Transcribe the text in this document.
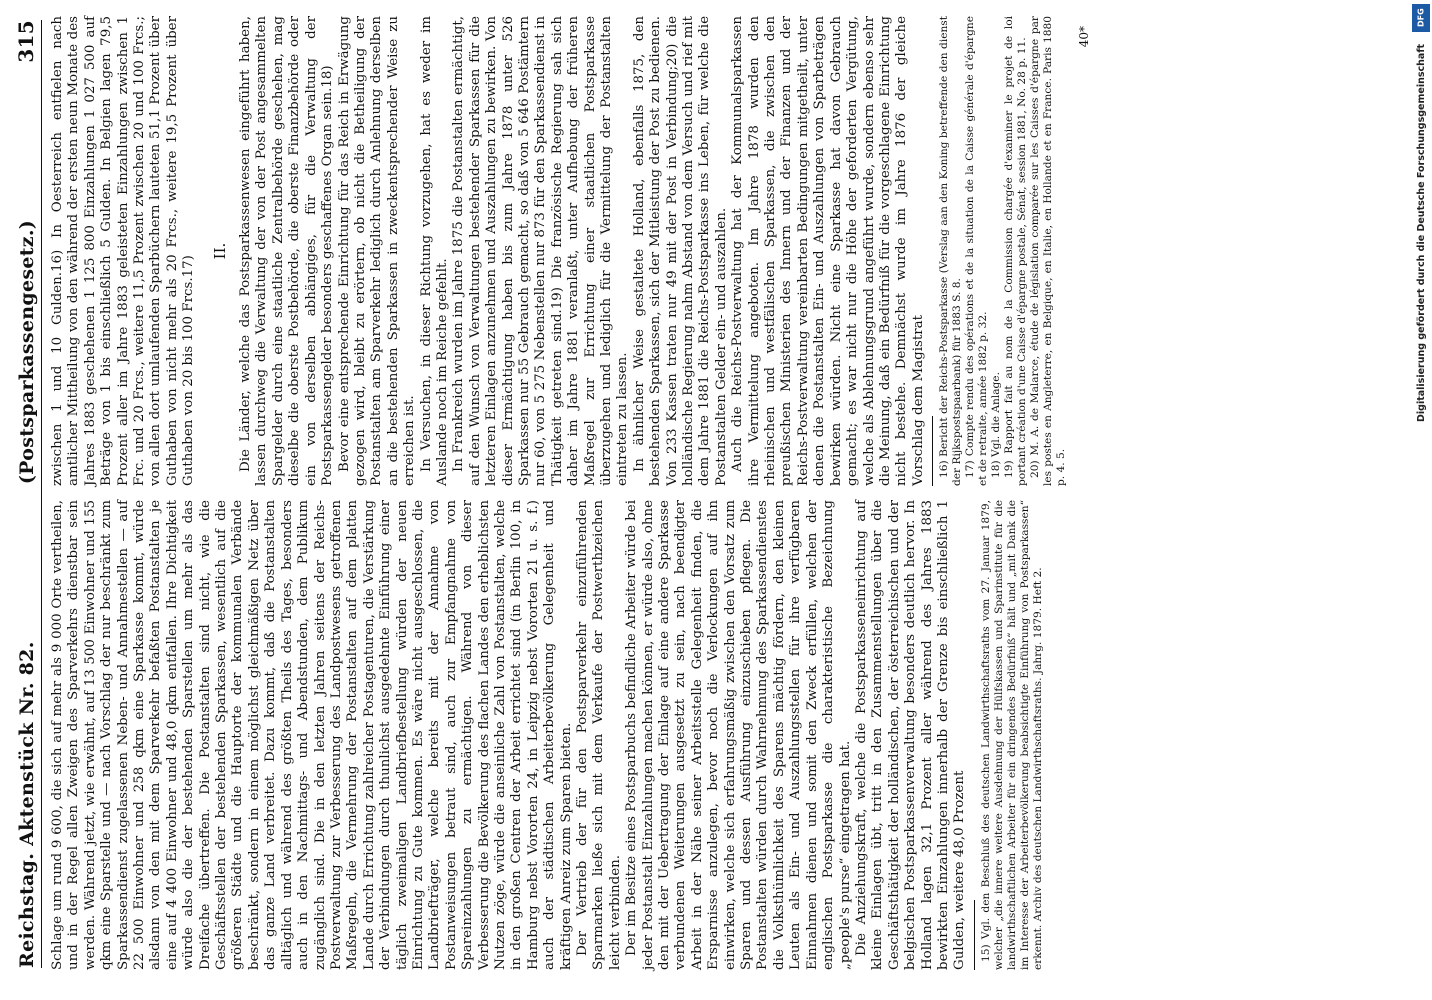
Reichstag. Aktenstück Nr. 82.
(Postsparkassengesetz.)
315

Schlage um rund 9 600, die sich auf mehr als 9 000 Orte vertheilen, und in der Regel allen Zweigen des Sparverkehrs dienstbar sein werden. Während jetzt, wie erwähnt, auf 13 500 Einwohner und 155 qkm eine Sparstelle und — nach Vorschlag der nur beschränkt zum Sparkassendienst zugelassenen Neben- und Annahmestellen — auf 22 500 Einwohner und 258 qkm eine Sparkasse kommt, würde alsdann von den mit dem Sparverkehr befaßten Postanstalten je eine auf 4 400 Einwohner und 48,0 qkm entfallen. Ihre Dichtigkeit würde also die der bestehenden Sparstellen um mehr als das Dreifache übertreffen. Die Postanstalten sind nicht, wie die Geschäftsstellen der bestehenden Sparkassen, wesentlich auf die größeren Städte und die Hauptorte der kommunalen Verbände beschränkt, sondern in einem möglichst gleichmäßigen Netz über das ganze Land verbreitet. Dazu kommt, daß die Postanstalten alltäglich und während des größten Theils des Tages, besonders auch in den Nachmittags- und Abendstunden, dem Publikum zugänglich sind. Die in den letzten Jahren seitens der Reichs-Postverwaltung zur Verbesserung des Landpostwesens getroffenen Maßregeln, die Vermehrung der Postanstalten auf dem platten Lande durch Errichtung zahlreicher Postagenturen, die Verstärkung der Verbindungen durch thunlichst ausgedehnte Einführung einer täglich zweimaligen Landbriefbestellung würden der neuen Einrichtung zu Gute kommen. Es wäre nicht ausgeschlossen, die Landbriefträger, welche bereits mit der Annahme von Postanweisungen betraut sind, auch zur Empfangnahme von Spareinzahlungen zu ermächtigen. Während von dieser Verbesserung die Bevölkerung des flachen Landes den erheblichsten Nutzen zöge, würde die anseinliche Zahl von Postanstalten, welche in den großen Centren der Arbeit errichtet sind (in Berlin 100, in Hamburg nebst Vororten 24, in Leipzig nebst Vororten 21 u. s. f.) auch der städtischen Arbeiterbevölkerung Gelegenheit und kräftigen Anreiz zum Sparen bieten. Der Vertrieb der für den Postsparverkehr einzuführenden Sparmarken ließe sich mit dem Verkaufe der Postwerthzeichen leicht verbinden. Der im Besitze eines Postsparbuchs befindliche Arbeiter würde bei jeder Postanstalt Einzahlungen machen können, er würde also, ohne den mit der Uebertragung der Einlage auf eine andere Sparkasse verbundenen Weiterungen ausgesetzt zu sein, nach beendigter Arbeit in der Nähe seiner Arbeitsstelle Gelegenheit finden, die Ersparnisse anzulegen, bevor noch die Verlockungen auf ihn einwirken, welche sich erfahrungsmäßig zwischen den Vorsatz zum Sparen und dessen Ausführung einzuschieben pflegen. Die Postanstalten würden durch Wahrnehmung des Sparkassendienstes die Volksthümlichkeit des Sparens mächtig fördern, den kleinen Leuten als Ein- und Auszahlungsstellen für ihre verfügbaren Einnahmen dienen und somit den Zweck erfüllen, welchen der englischen Postsparkasse die charakteristische Bezeichnung „people's purse“ eingetragen hat. Die Anziehungskraft, welche die Postsparkasseneinrichtung auf kleine Einlagen übt, tritt in den Zusammenstellungen über die Geschäftsthätigkeit der holländischen, der österreichischen und der belgischen Postsparkassenverwaltung besonders deutlich hervor. In Holland lagen 32,1 Prozent aller während des Jahres 1883 bewirkten Einzahlungen innerhalb der Grenze bis einschließlich 1 Gulden, weitere 48,0 Prozent 15) Vgl. den Beschluß des deutschen Landwirthschaftsraths vom 27. Januar 1879, welcher „die innere weitere Ausdehnung der Hülfskassen und Sparinstitute für die landwirthschaftlichen Arbeiter für ein dringendes Bedürfniß“ hält und „mit Dank die im Interesse der Arbeiterbevölkerung beabsichtigte Einführung von Postsparkassen“ erkennt. Archiv des deutschen Landwirthschaftsraths. Jahrg. 1879. Heft 2.

zwischen 1 und 10 Gulden.16) In Oesterreich entfielen nach amtlicher Mittheilung von den während der ersten neun Monate des Jahres 1883 geschehenen 1 125 800 Einzahlungen 1 027 500 auf Beträge von 1 bis einschließlich 5 Gulden. In Belgien lagen 79,5 Prozent aller im Jahre 1883 geleisteten Einzahlungen zwischen 1 Frc. und 20 Frcs., weitere 11,5 Prozent zwischen 20 und 100 Frcs.; von allen dort umlaufenden Sparbüchern lauteten 51,1 Prozent über Guthaben von nicht mehr als 20 Frcs., weitere 19,5 Prozent über Guthaben von 20 bis 100 Frcs.17)

II. Die Länder, welche das Postsparkassenwesen eingeführt haben, lassen durchweg die Verwaltung der von der Post angesammelten Spargelder durch eine staatliche Zentralbehörde geschehen, mag dieselbe die oberste Postbehörde, die oberste Finanzbehörde oder ein von derselben abhängiges, für die Verwaltung der Postsparkassengelder besonders geschaffenes Organ sein.18) Bevor eine entsprechende Einrichtung für das Reich in Erwägung gezogen wird, bleibt zu erörtern, ob nicht die Betheiligung der Postanstalten am Sparverkehr lediglich durch Anlehnung derselben an die bestehenden Sparkassen in zweckentsprechender Weise zu erreichen ist. In Versuchen, in dieser Richtung vorzugehen, hat es weder im Auslande noch im Reiche gefehlt. In Frankreich wurden im Jahre 1875 die Postanstalten ermächtigt, auf den Wunsch von Verwaltungen bestehender Sparkassen für die letzteren Einlagen anzunehmen und Auszahlungen zu bewirken. Von dieser Ermächtigung haben bis zum Jahre 1878 unter 526 Sparkassen nur 55 Gebrauch gemacht, so daß von 5 646 Postämtern nur 60, von 5 275 Nebenstellen nur 873 für den Sparkassendienst in Thätigkeit getreten sind.19) Die französische Regierung sah sich daher im Jahre 1881 veranlaßt, unter Aufhebung der früheren Maßregel zur Errichtung einer staatlichen Postsparkasse überzugehen und lediglich für die Vermittelung der Postanstalten eintreten zu lassen. In ähnlicher Weise gestaltete Holland, ebenfalls 1875, den bestehenden Sparkassen, sich der Mitleistung der Post zu bedienen. Von 233 Kassen traten nur 49 mit der Post in Verbindung;20) die holländische Regierung nahm Abstand von dem Versuch und rief mit dem Jahre 1881 die Reichs-Postsparkasse ins Leben, für welche die Postanstalten Gelder ein- und auszahlen. Auch die Reichs-Postverwaltung hat der Kommunalsparkassen ihre Vermittelung angeboten. Im Jahre 1878 wurden den rheinischen und westfälischen Sparkassen, die zwischen den preußischen Ministerien des Innern und der Finanzen und der Reichs-Postverwaltung vereinbarten Bedingungen mitgetheilt, unter denen die Postanstalten Ein- und Auszahlungen von Sparbeträgen bewirken würden. Nicht eine Sparkasse hat davon Gebrauch gemacht; es war nicht nur die Höhe der geforderten Vergütung, welche als Ablehnungsgrund angeführt wurde, sondern ebenso sehr die Meinung, daß ein Bedürfniß für die vorgeschlagene Einrichtung nicht bestehe. Demnächst wurde im Jahre 1876 der gleiche Vorschlag dem Magistrat 16) Bericht der Reichs-Postsparkasse (Verslag aan den Koning betreffende den dienst der Rijkspostspaarbank) für 1883 S. 8. 17) Compte rendu des opérations et de la situation de la Caisse générale d'épargne et de retraite, année 1882 p. 32. 18) Vgl. die Anlage. 19) Rapport fait au nom de la Commission chargée d'examiner le projet de loi portant création d'une Caisse d'épargne postale, Sénat, session 1881, No. 28 p. 11. 20) M. A. de Malarce, étude de législation comparée sur les Caisses d'épargne par les postes en Angleterre, en Belgique, en Italie, en Hollande et en France. Paris 1880 p. 4. 5.

40*
DFG
Digitalisierung gefördert durch die Deutsche Forschungsgemeinschaft
